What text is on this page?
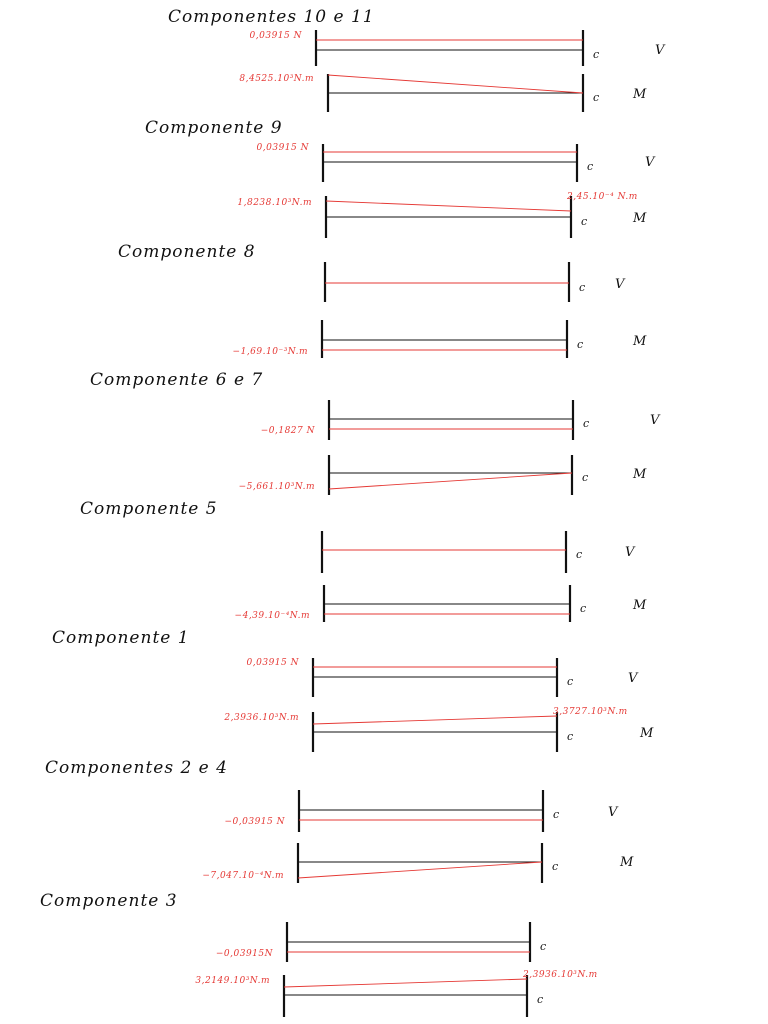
Componentes 10 e 11
0,03915 N
c	V
8,4525.10³N.m
c	M
Componente 9
0,03915 N
c	V
1,8238.10³N.m
2,45.10⁻⁴ N.m
c	M
Componente 8
c V
−1,69.10⁻³N.m
c	M
Componente 6 e 7
−0,1827 N
c	V
−5,661.10³N.m
c	M
Componente 5
c	V
−4,39.10⁻⁴N.m
c	M
Componente 1
0,03915 N
c	V
2,3936.10³N.m
3,3727.10³N.m
c	M
Componentes 2 e 4
−0,03915 N
c	V
−7,047.10⁻⁴N.m
c	M
Componente 3
−0,03915N
c
3,2149.10³N.m
2,3936.10³N.m
c
